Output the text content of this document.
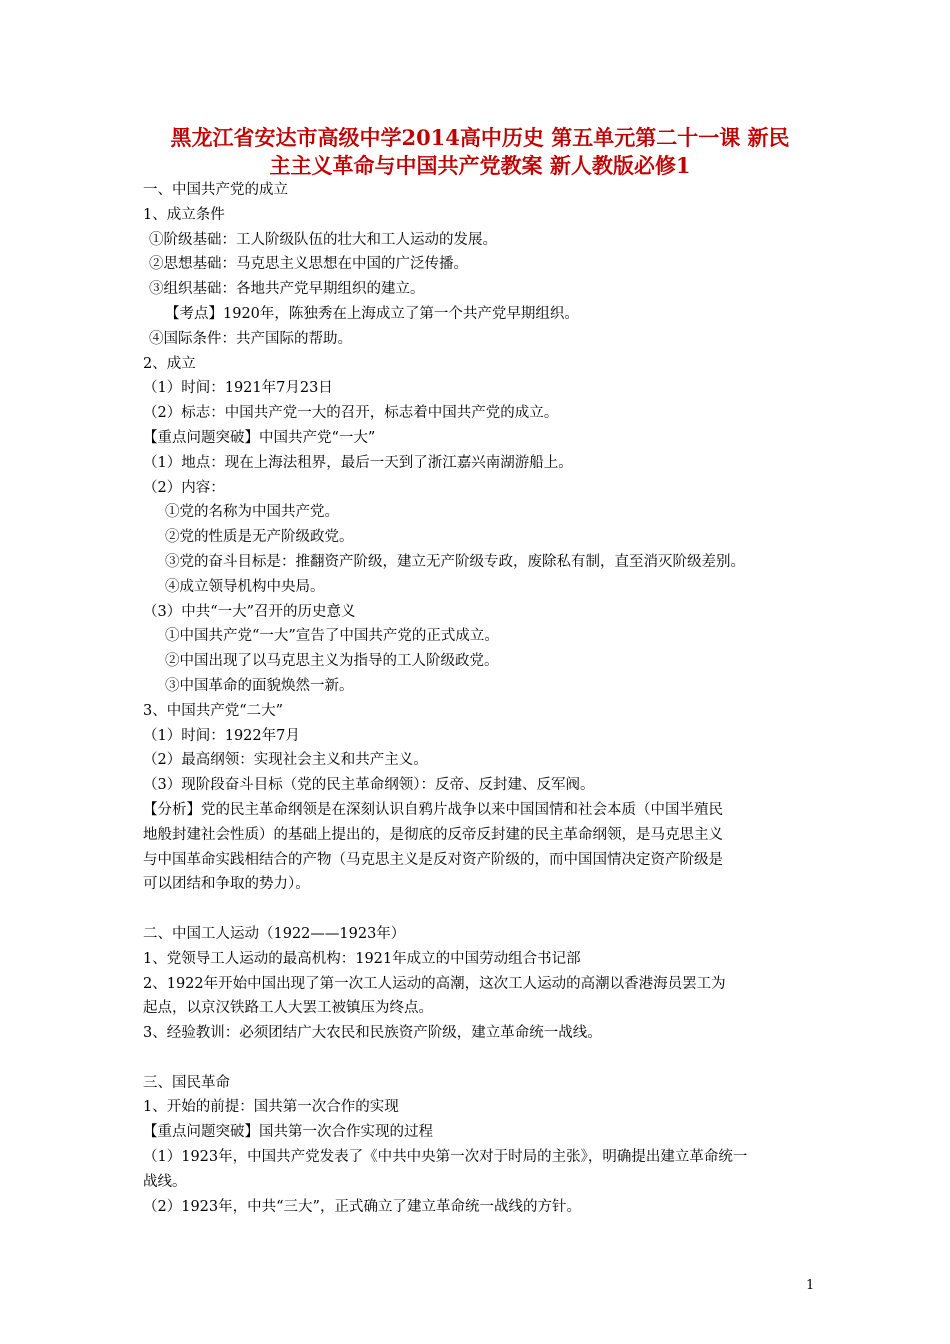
黑龙江省安达市高级中学2014高中历史 第五单元第二十一课 新民
主主义革命与中国共产党教案 新人教版必修1
一、中国共产党的成立
1、成立条件
①阶级基础：工人阶级队伍的壮大和工人运动的发展。
②思想基础：马克思主义思想在中国的广泛传播。
③组织基础：各地共产党早期组织的建立。
【考点】1920年，陈独秀在上海成立了第一个共产党早期组织。
④国际条件：共产国际的帮助。
2、成立
（1）时间：1921年7月23日
（2）标志：中国共产党一大的召开，标志着中国共产党的成立。
【重点问题突破】中国共产党“一大”
（1）地点：现在上海法租界，最后一天到了浙江嘉兴南湖游船上。
（2）内容：
①党的名称为中国共产党。
②党的性质是无产阶级政党。
③党的奋斗目标是：推翻资产阶级，建立无产阶级专政，废除私有制，直至消灭阶级差别。
④成立领导机构中央局。
（3）中共“一大”召开的历史意义
①中国共产党“一大”宣告了中国共产党的正式成立。
②中国出现了以马克思主义为指导的工人阶级政党。
③中国革命的面貌焕然一新。
3、中国共产党“二大”
（1）时间：1922年7月
（2）最高纲领：实现社会主义和共产主义。
（3）现阶段奋斗目标（党的民主革命纲领）：反帝、反封建、反军阀。
【分析】党的民主革命纲领是在深刻认识自鸦片战争以来中国国情和社会本质（中国半殖民
地般封建社会性质）的基础上提出的，是彻底的反帝反封建的民主革命纲领，是马克思主义
与中国革命实践相结合的产物（马克思主义是反对资产阶级的，而中国国情决定资产阶级是
可以团结和争取的势力）。
二、中国工人运动（1922——1923年）
1、党领导工人运动的最高机构：1921年成立的中国劳动组合书记部
2、1922年开始中国出现了第一次工人运动的高潮，这次工人运动的高潮以香港海员罢工为
起点，以京汉铁路工人大罢工被镇压为终点。
3、经验教训：必须团结广大农民和民族资产阶级，建立革命统一战线。
三、国民革命
1、开始的前提：国共第一次合作的实现
【重点问题突破】国共第一次合作实现的过程
（1）1923年，中国共产党发表了《中共中央第一次对于时局的主张》，明确提出建立革命统一
战线。
（2）1923年，中共“三大”，正式确立了建立革命统一战线的方针。
1
